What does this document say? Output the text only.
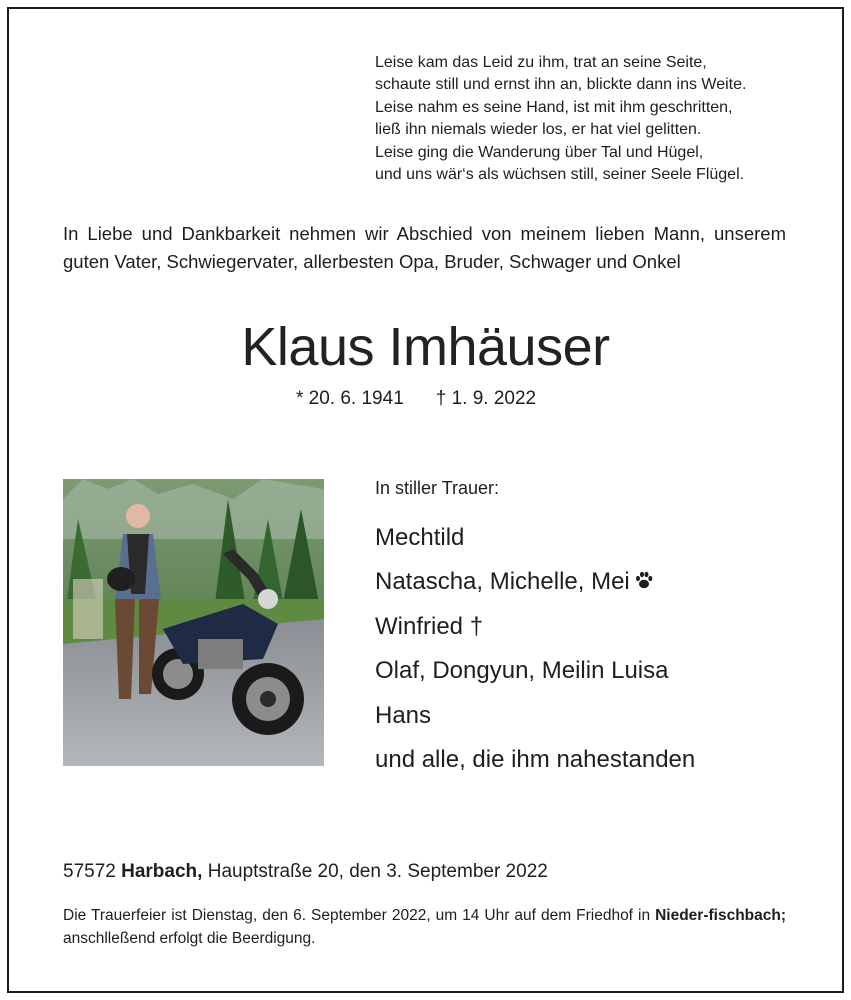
Leise kam das Leid zu ihm, trat an seine Seite,
schaute still und ernst ihn an, blickte dann ins Weite.
Leise nahm es seine Hand, ist mit ihm geschritten,
ließ ihn niemals wieder los, er hat viel gelitten.
Leise ging die Wanderung über Tal und Hügel,
und uns wär‘s als wüchsen still, seiner Seele Flügel.
In Liebe und Dankbarkeit nehmen wir Abschied von meinem lieben Mann, unserem guten Vater, Schwiegervater, allerbesten Opa, Bruder, Schwager und Onkel
Klaus Imhäuser
* 20. 6. 1941 † 1. 9. 2022
In stiller Trauer:
Mechtild
Natascha, Michelle, Mei
Winfried †
Olaf, Dongyun, Meilin Luisa
Hans
und alle, die ihm nahestanden
57572 Harbach, Hauptstraße 20, den 3. September 2022
Die Trauerfeier ist Dienstag, den 6. September 2022, um 14 Uhr auf dem Friedhof in Nieder-fischbach; anschlleßend erfolgt die Beerdigung.
